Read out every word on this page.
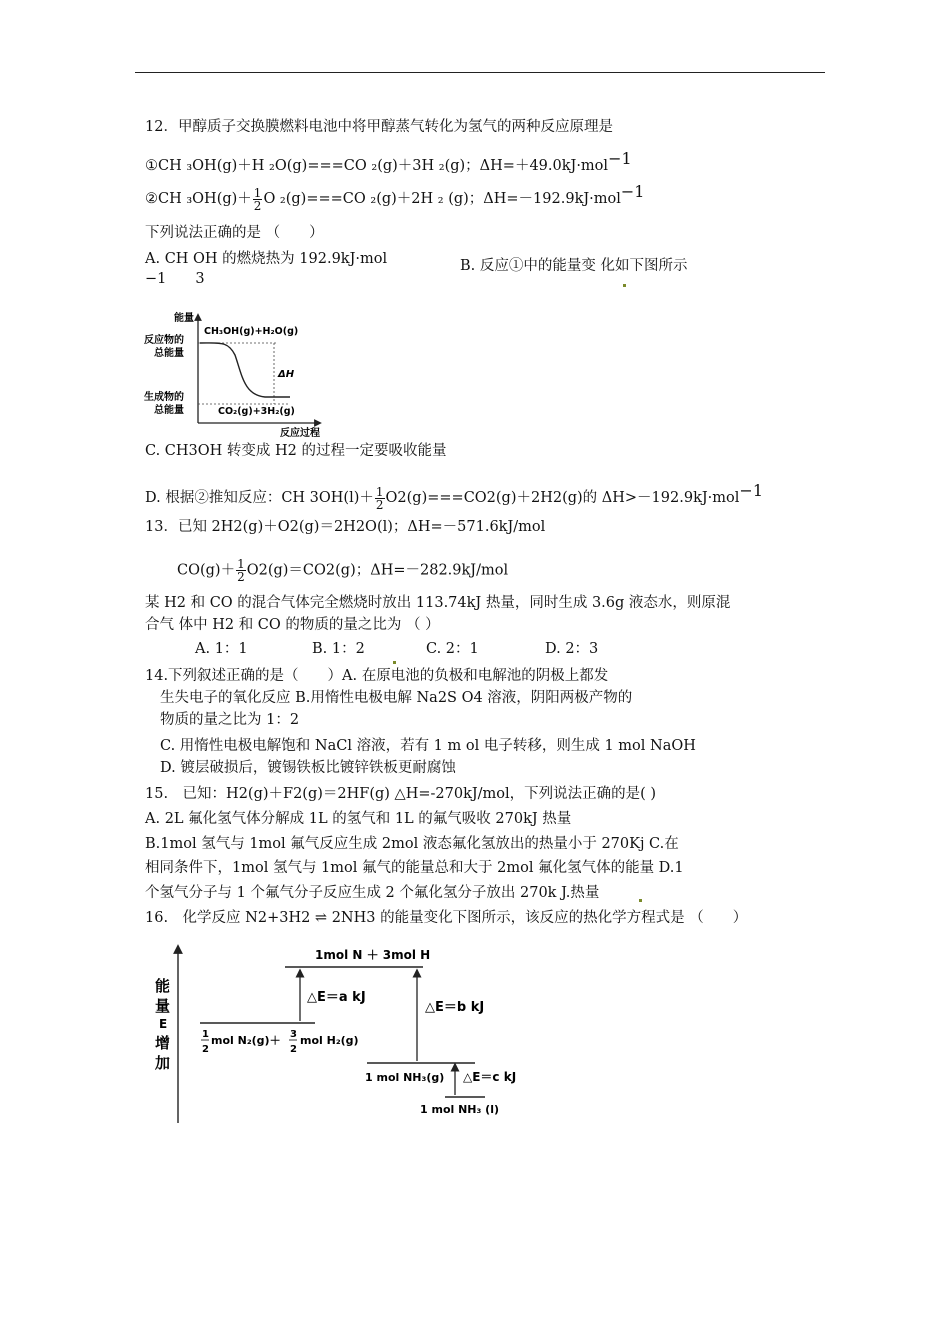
12．甲醇质子交换膜燃料电池中将甲醇蒸气转化为氢气的两种反应原理是
①CH ₃OH(g)＋H ₂O(g)===CO ₂(g)＋3H ₂(g)；ΔH=＋49.0kJ·mol−1
②CH $_3OH(g)+ \frac{1}{2}$ O ₂(g)===CO ₂(g)＋2H ₂ (g)；ΔH=－192.9kJ·mol−1
下列说法正确的是 （　　）
A. CH OH 的燃烧热为 192.9kJ·mol
−1　　3
B. 反应①中的能量变 化如下图所示
能量
反应物的
总能量
生成物的
总能量
CH₃OH(g)+H₂O(g)
CO₂(g)+3H₂(g)
ΔH
反应过程
C. CH3OH 转变成 H2 的过程一定要吸收能量
D. 根据②推知反应：CH $3OH(l)+ \frac{1}{2} O2(g)===CO2(g)+2H2(g)$的 ΔH>－192.9kJ·mol−1
13．已知 2H2(g)＋O2(g)＝2H2O(l)；ΔH=－571.6kJ/mol
$CO(g)+ \frac{1}{2} O2(g)=CO2(g)$；ΔH=－282.9kJ/mol
某 H2 和 CO 的混合气体完全燃烧时放出 113.74kJ 热量，同时生成 3.6g 液态水，则原混
合气 体中 H2 和 CO 的物质的量之比为 （ ）
A. 1：1	B. 1：2	C. 2：1	D. 2：3
14.下列叙述正确的是（　　）A. 在原电池的负极和电解池的阴极上都发
生失电子的氧化反应 B.用惰性电极电解 Na2S O4 溶液，阴阳两极产物的
物质的量之比为 1：2
C. 用惰性电极电解饱和 NaCl 溶液，若有 1 m ol 电子转移，则生成 1 mol NaOH
D. 镀层破损后，镀锡铁板比镀锌铁板更耐腐蚀
15.　已知：H2(g)＋F2(g)＝2HF(g) △H=-270kJ/mol，下列说法正确的是( )
A. 2L 氟化氢气体分解成 1L 的氢气和 1L 的氟气吸收 270kJ 热量
B.1mol 氢气与 1mol 氟气反应生成 2mol 液态氟化氢放出的热量小于 270Kj C.在
相同条件下，1mol 氢气与 1mol 氟气的能量总和大于 2mol 氟化氢气体的能量 D.1
个氢气分子与 1 个氟气分子反应生成 2 个氟化氢分子放出 270k J.热量
16.　化学反应 N2+3H2 ⇌ 2NH3 的能量变化下图所示，该反应的热化学方程式是 （　　）
能
量
E
增
加
1mol N ＋ 3mol H
△E＝a kJ
1
2
mol N₂(g)＋ 3
2
mol H₂(g)
△E＝b kJ
1 mol NH₃(g) △E＝c kJ
1 mol NH₃ (l)
